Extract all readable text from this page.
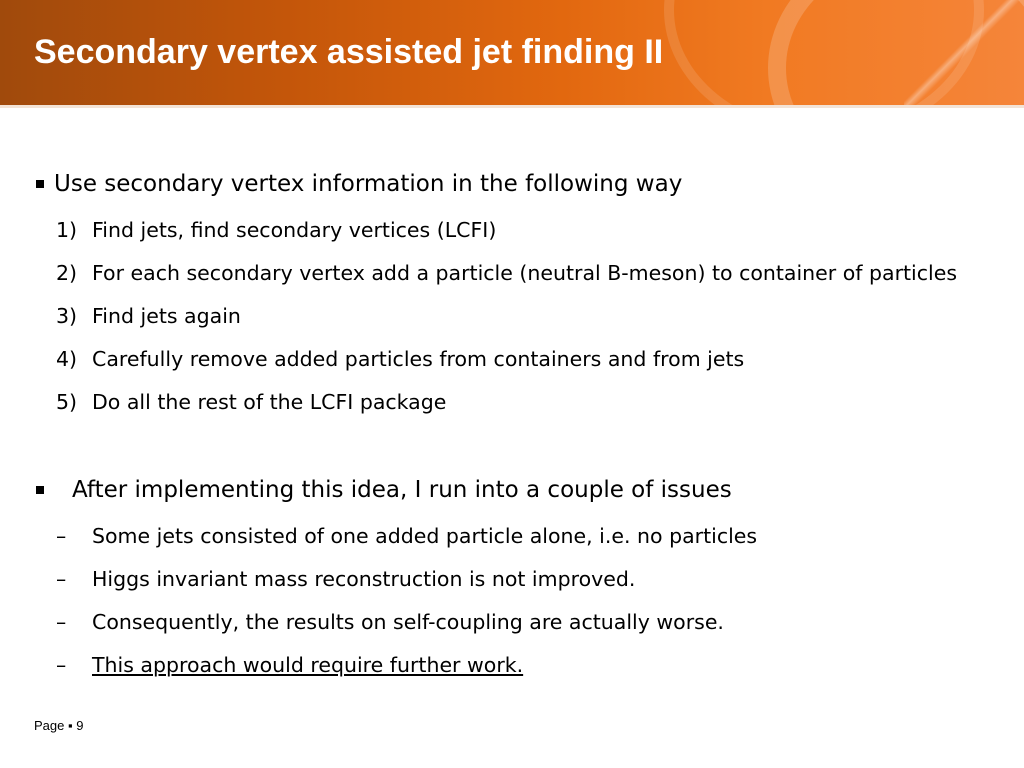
Secondary vertex assisted jet finding II
Use secondary vertex information in the following way
1) Find jets, find secondary vertices (LCFI)
2) For each secondary vertex add a particle (neutral B-meson) to container of particles
3) Find jets again
4) Carefully remove added particles from containers and from jets
5) Do all the rest of the LCFI package
After implementing this idea, I run into a couple of issues
– Some jets consisted of one added particle alone, i.e. no particles
– Higgs invariant mass reconstruction is not improved.
– Consequently, the results on self-coupling are actually worse.
– This approach would require further work.
Page ▪ 9
